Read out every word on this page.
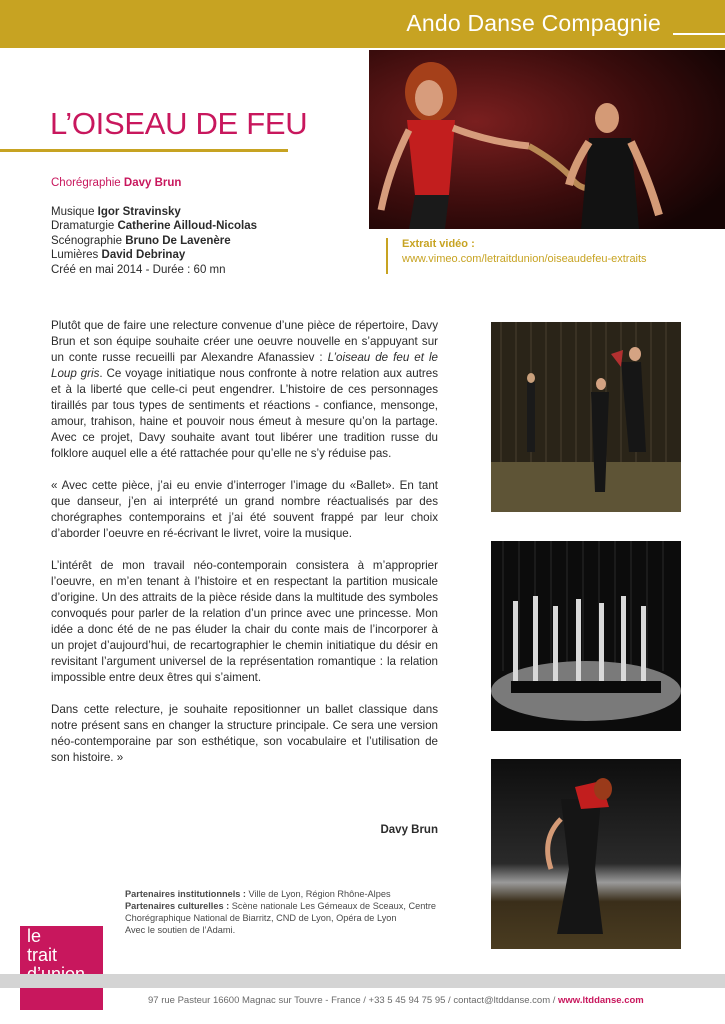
Ando Danse Compagnie
L’OISEAU DE FEU
Chorégraphie Davy Brun
Musique Igor Stravinsky
Dramaturgie Catherine Ailloud-Nicolas
Scénographie Bruno De Lavenère
Lumières David Debrinay
Créé en mai 2014 - Durée : 60 mn
Extrait vidéo :
www.vimeo.com/letraitdunion/oiseaudefeu-extraits

Plutôt que de faire une relecture convenue d’une pièce de répertoire, Davy Brun et son équipe souhaite créer une oeuvre nouvelle en s’appuyant sur un conte russe recueilli par Alexandre Afanassiev : L’oiseau de feu et le Loup gris. Ce voyage initiatique nous confronte à notre relation aux autres et à la liberté que celle-ci peut engendrer. L’histoire de ces personnages tiraillés par tous types de sentiments et réactions - confiance, mensonge, amour, trahison, haine et pouvoir nous émeut à mesure qu’on la partage. Avec ce projet, Davy souhaite avant tout libérer une tradition russe du folklore auquel elle a été rattachée pour qu’elle ne s’y réduise pas.

« Avec cette pièce, j’ai eu envie d’interroger l’image du «Ballet». En tant que danseur, j’en ai interprété un grand nombre réactualisés par des chorégraphes contemporains et j’ai été souvent frappé par leur choix d’aborder l’oeuvre en ré-écrivant le livret, voire la musique.

L’intérêt de mon travail néo-contemporain consistera à m’approprier l’oeuvre, en m’en tenant à l’histoire et en respectant la partition musicale d’origine. Un des attraits de la pièce réside dans la multitude des symboles convoqués pour parler de la relation d’un prince avec une princesse. Mon idée a donc été de ne pas éluder la chair du conte mais de l’incorporer à un projet d’aujourd’hui, de recartographier le chemin initiatique du désir en revisitant l’argument universel de la représentation romantique : la relation impossible entre deux êtres qui s’aiment.

Dans cette relecture, je souhaite repositionner un ballet classique dans notre présent sans en changer la structure principale. Ce sera une version néo-contemporaine par son esthétique, son vocabulaire et l’utilisation de son histoire. »

Davy Brun
Partenaires institutionnels : Ville de Lyon, Région Rhône-Alpes
Partenaires culturelles : Scène nationale Les Gémeaux de Sceaux, Centre Chorégraphique National de Biarritz, CND de Lyon, Opéra de Lyon
Avec le soutien de l’Adami.
le
trait
97 rue Pasteur 16600 Magnac sur Touvre - France / +33 5 45 94 75 95 / contact@ltddanse.com / www.ltddanse.com
